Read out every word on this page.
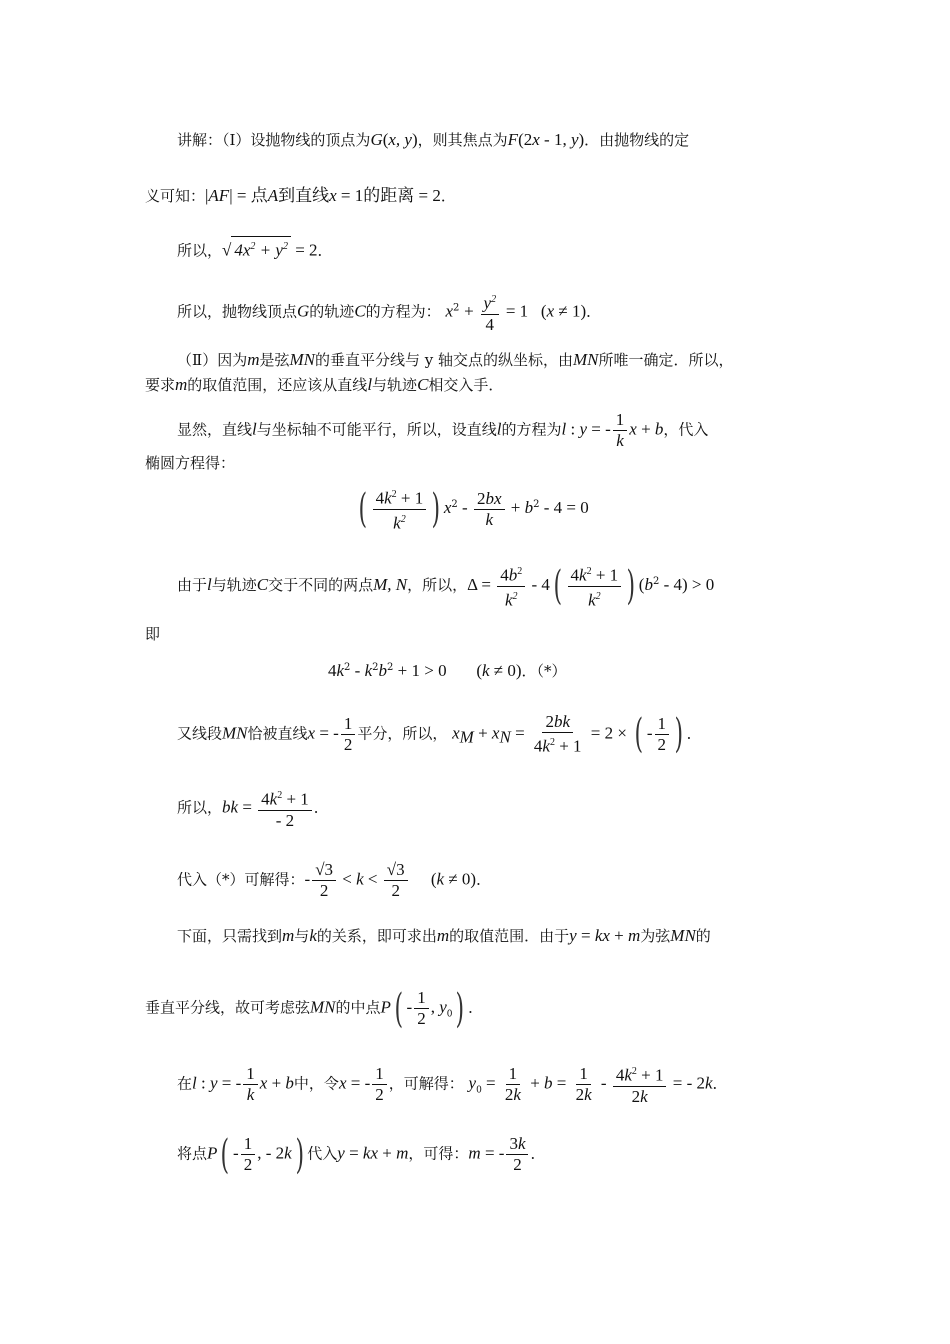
讲解：（Ⅰ）设抛物线的顶点为G(x, y)，则其焦点为F(2x - 1, y)．由抛物线的定
义可知：|AF| = 点A到直线x = 1的距离 = 2．
所以，√ $4x^2 + y^2 = 2$．
所以，抛物线顶点G的轨迹C的方程为： $x^2 + \frac{y^2}{4} = 1$   (x ≠ 1)．
（Ⅱ）因为m是弦MN的垂直平分线与 y 轴交点的纵坐标，由MN所唯一确定．所以，
要求m的取值范围，还应该从直线l与轨迹C相交入手．
显然，直线l与坐标轴不可能平行，所以，设直线l的方程为l : y = - $\frac{1}{k}$ x + b，代入
椭圆方程得：
( $\frac{4k^2 + 1}{k^2}$ ) $x^2 - \frac{2bx}{k} + b^2 - 4 = 0$
由于l与轨迹C交于不同的两点M, N，所以，$\Delta = \frac{4b^2}{k^2} - 4( \frac{4k^2 + 1}{k^2}$ ) $(b^2 - 4) > 0$
即
$4k^2 - k^2b^2 + 1 > 0$       (k ≠ 0)．（*）
又线段MN恰被直线x = - $\frac{1}{2}$ 平分，所以， $x_M + x_N = \frac{2bk}{4k^2 + 1} = 2$ × ( - $\frac{1}{2}$ ) ．
所以，bk = $\frac{4k^2 + 1}{- 2}$ ．
代入（*）可解得：- $\frac{√3}{2} < k < \frac{√3}{2} (k \ne 0)$．
下面，只需找到m与k的关系，即可求出m的取值范围．由于y = kx + m为弦MN的
垂直平分线，故可考虑弦MN的中点$P( - \frac{1}{2}$ , $y_0$) ．
在l : y = - $\frac{1}{k}$ x + b中，令x = - $\frac{1}{2}$ ，可解得： $y_0 = \frac{1}{2k} + b = \frac{1}{2k} - \frac{4k^2 + 1}{2k}$ = - 2k．
将点$P( - \frac{1}{2}$ , - 2k) 代入y = kx + m，可得：m = - $\frac{3k}{2}$ ．
